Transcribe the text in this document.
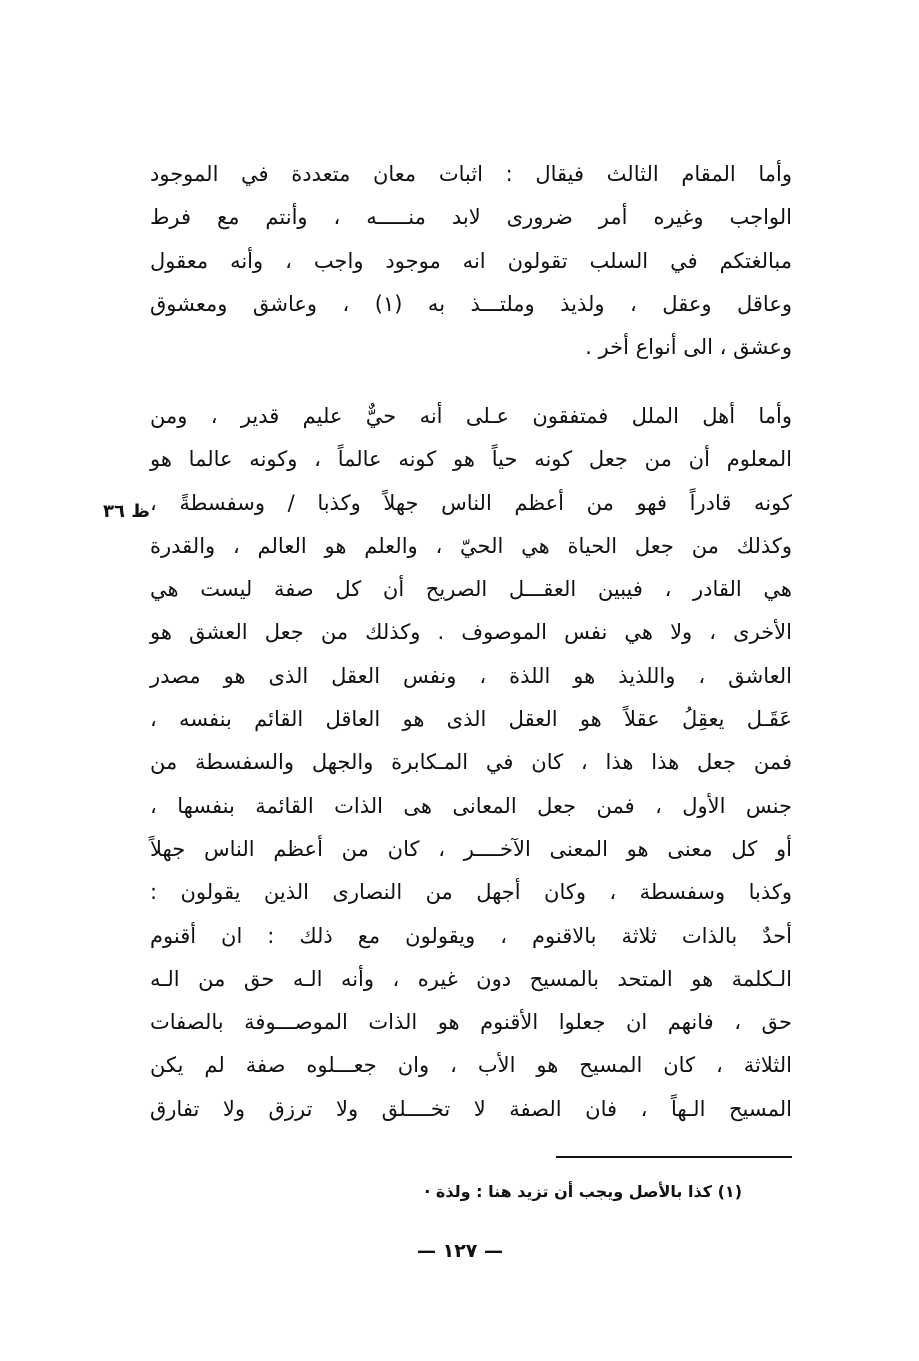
وأما المقام الثالث فيقال : اثبات معان متعددة في الموجود
الواجب وغيره أمر ضرورى لابد منـــــه ، وأنتم مع فرط
مبالغتكم في السلب تقولون انه موجود واجب ، وأنه معقول
وعاقل وعقل ، ولذيذ وملتـــذ به (١) ، وعاشق ومعشوق
وعشق ، الى أنواع أخر .
وأما أهل الملل فمتفقون عـلى أنه حيٌّ عليم قدير ، ومن
المعلوم أن من جعل كونه حياً هو كونه عالماً ، وكونه عالما هو
كونه قادراً فهو من أعظم الناس جهلاً وكذبا / وسفسطةً ،
وكذلك من جعل الحياة هي الحيّ ، والعلم هو العالم ، والقدرة
هي القادر ، فيبين العقـــل الصريح أن كل صفة ليست هي
الأخرى ، ولا هي نفس الموصوف . وكذلك من جعل العشق هو
العاشق ، واللذيذ هو اللذة ، ونفس العقل الذى هو مصدر
عَقَـل يعقِلُ عقلاً هو العقل الذى هو العاقل القائم بنفسه ،
فمن جعل هذا هذا ، كان في المـكابرة والجهل والسفسطة من
جنس الأول ، فمن جعل المعانى هى الذات القائمة بنفسها ،
أو كل معنى هو المعنى الآخــــر ، كان من أعظم الناس جهلاً
وكذبا وسفسطة ، وكان أجهل من النصارى الذين يقولون :
أحدٌ بالذات ثلاثة بالاقنوم ، ويقولون مع ذلك : ان أقنوم
الـكلمة هو المتحد بالمسيح دون غيره ، وأنه الـه حق من الـه
حق ، فانهم ان جعلوا الأقنوم هو الذات الموصـــوفة بالصفات
الثلاثة ، كان المسيح هو الأب ، وان جعـــلوه صفة لم يكن
المسيح الـهاً ، فان الصفة لا تخــــلق ولا ترزق ولا تفارق
ظ ٣٦
(١) كذا بالأصل ويجب أن تزيد هنا : ولذة ·
— ١٢٧ —
